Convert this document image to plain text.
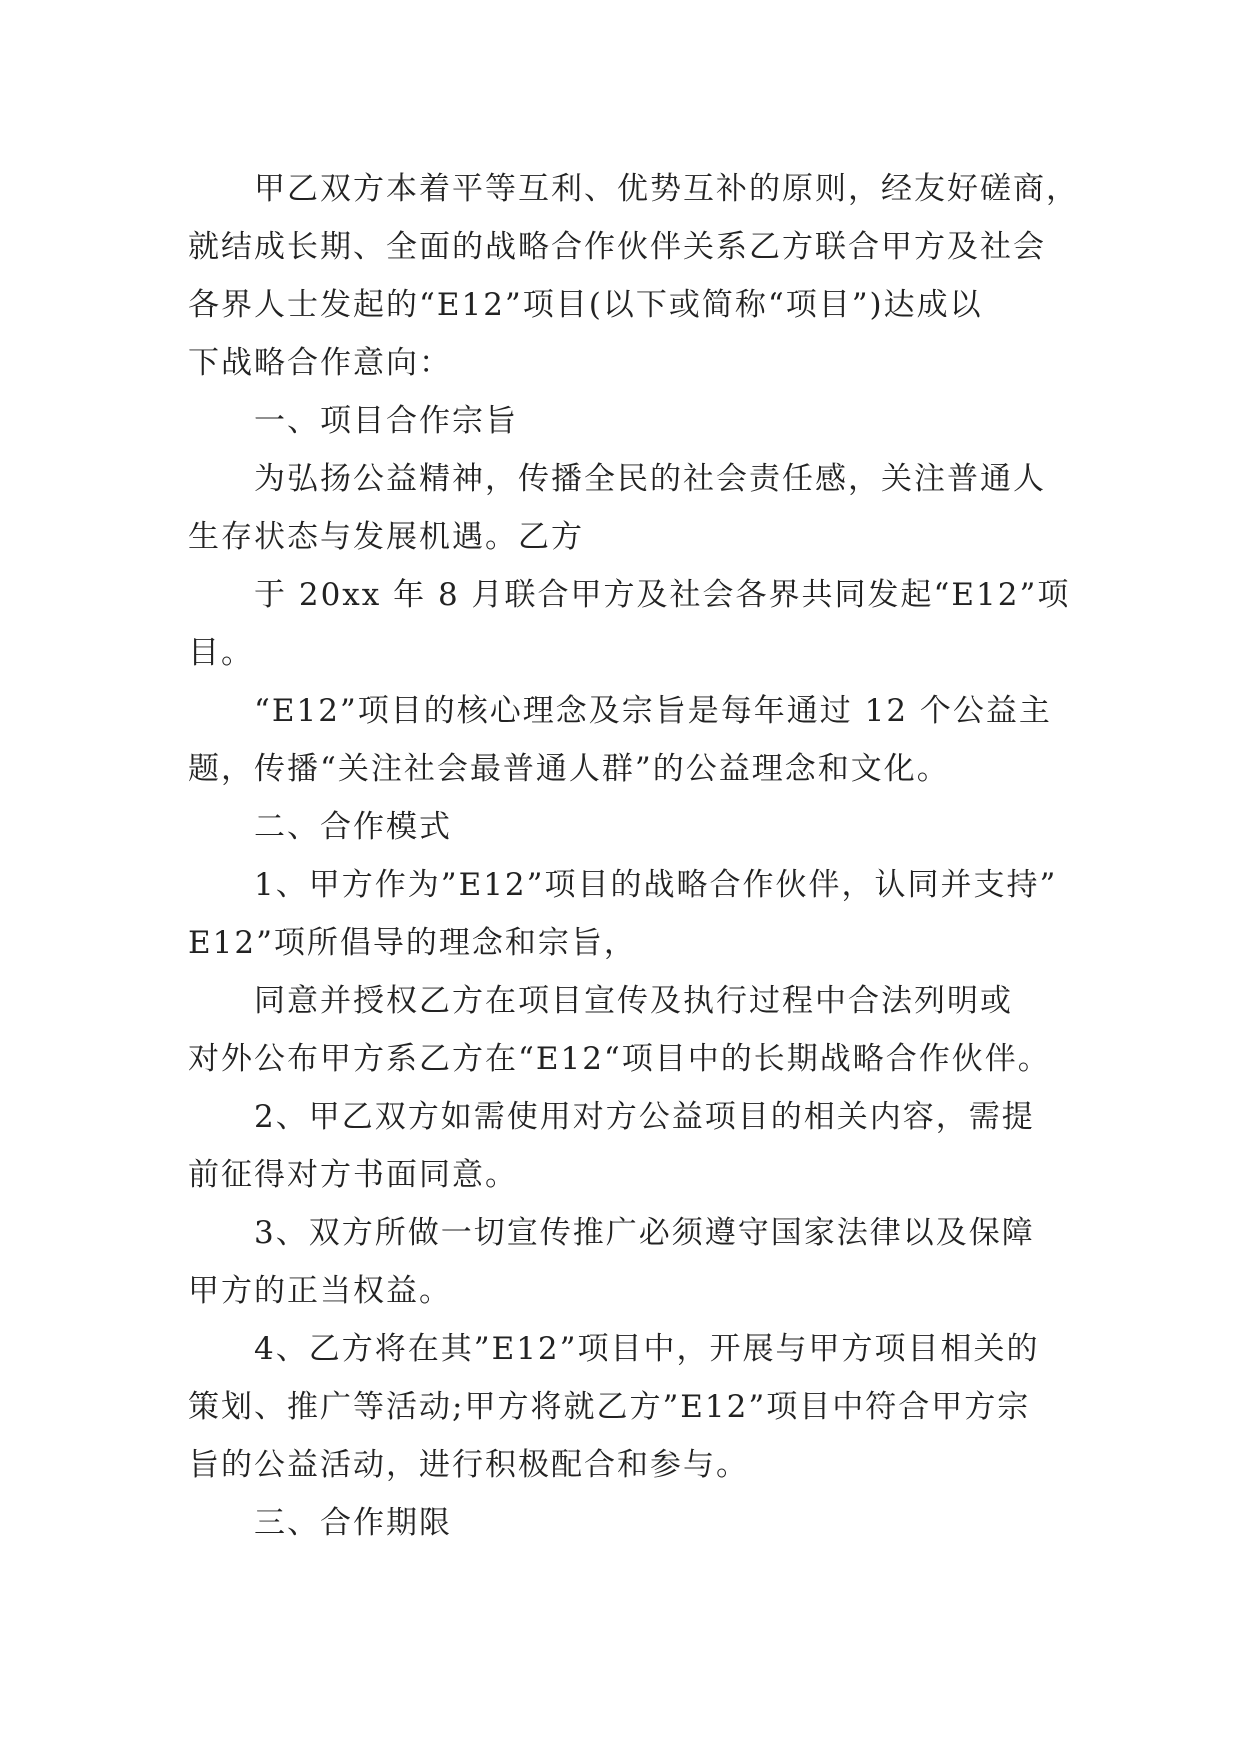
甲乙双方本着平等互利、优势互补的原则，经友好磋商，
就结成长期、全面的战略合作伙伴关系乙方联合甲方及社会
各界人士发起的“E12”项目(以下或简称“项目”)达成以
下战略合作意向：
一、项目合作宗旨
为弘扬公益精神，传播全民的社会责任感，关注普通人
生存状态与发展机遇。乙方
于 20xx 年 8 月联合甲方及社会各界共同发起“E12”项
目。
“E12”项目的核心理念及宗旨是每年通过 12 个公益主
题，传播“关注社会最普通人群”的公益理念和文化。
二、合作模式
1、甲方作为”E12”项目的战略合作伙伴，认同并支持”
E12”项所倡导的理念和宗旨，
同意并授权乙方在项目宣传及执行过程中合法列明或
对外公布甲方系乙方在“E12“项目中的长期战略合作伙伴。
2、甲乙双方如需使用对方公益项目的相关内容，需提
前征得对方书面同意。
3、双方所做一切宣传推广必须遵守国家法律以及保障
甲方的正当权益。
4、乙方将在其”E12”项目中，开展与甲方项目相关的
策划、推广等活动;甲方将就乙方”E12”项目中符合甲方宗
旨的公益活动，进行积极配合和参与。
三、合作期限
